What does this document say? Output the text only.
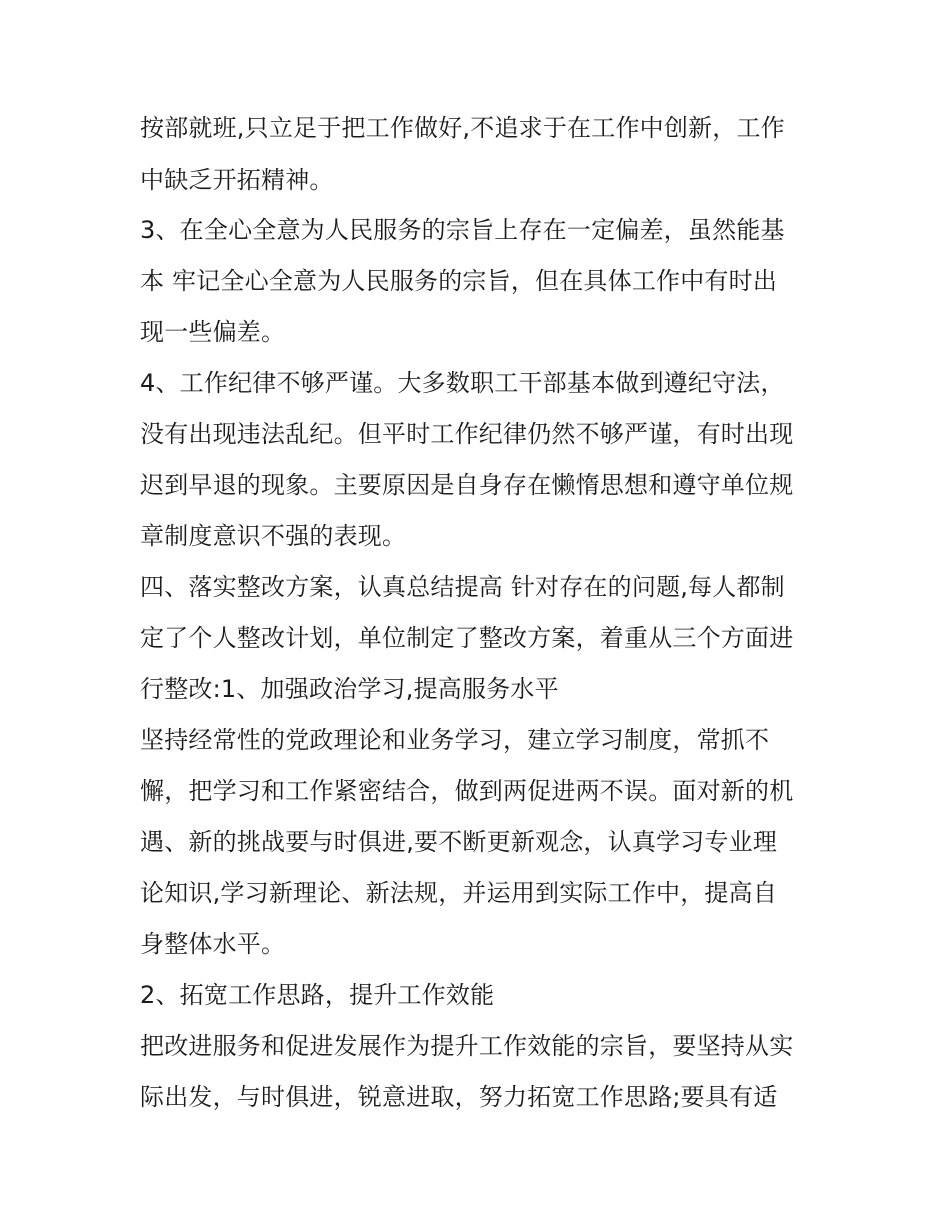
按部就班,只立足于把工作做好,不追求于在工作中创新，工作
中缺乏开拓精神。
3、在全心全意为人民服务的宗旨上存在一定偏差，虽然能基
本 牢记全心全意为人民服务的宗旨，但在具体工作中有时出
现一些偏差。
4、工作纪律不够严谨。大多数职工干部基本做到遵纪守法，
没有出现违法乱纪。但平时工作纪律仍然不够严谨，有时出现
迟到早退的现象。主要原因是自身存在懒惰思想和遵守单位规
章制度意识不强的表现。
四、落实整改方案，认真总结提高 针对存在的问题,每人都制
定了个人整改计划，单位制定了整改方案，着重从三个方面进
行整改:1、加强政治学习,提高服务水平
坚持经常性的党政理论和业务学习，建立学习制度，常抓不
懈，把学习和工作紧密结合，做到两促进两不误。面对新的机
遇、新的挑战要与时俱进,要不断更新观念，认真学习专业理
论知识,学习新理论、新法规，并运用到实际工作中，提高自
身整体水平。
2、拓宽工作思路，提升工作效能
把改进服务和促进发展作为提升工作效能的宗旨，要坚持从实
际出发，与时俱进，锐意进取，努力拓宽工作思路;要具有适
